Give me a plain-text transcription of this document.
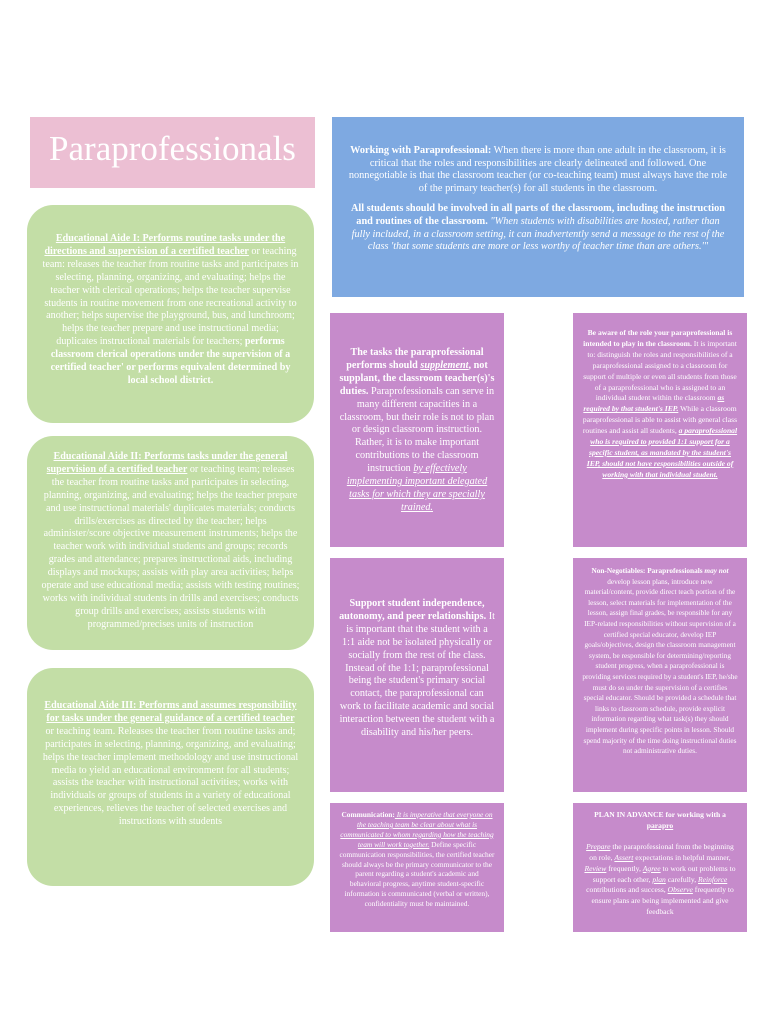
Paraprofessionals	Working with Paraprofessional: When there is more than one adult in the classroom, it is critical that the roles and responsibilities are clearly delineated and followed. One nonnegotiable is that the classroom teacher (or co-teaching team) must always have the role of the primary teacher(s) for all students in the classroom.

All students should be involved in all parts of the classroom, including the instruction and routines of the classroom. "When students with disabilities are hosted, rather than fully included, in a classroom setting, it can inadvertently send a message to the rest of the class 'that some students are more or less worthy of teacher time than are others.'"

Educational Aide I: Performs routine tasks under the directions and supervision of a certified teacher or teaching team: releases the teacher from routine tasks and participates in selecting, planning, organizing, and evaluating; helps the teacher with clerical operations; helps the teacher supervise students in routine movement from one recreational activity to another; helps supervise the playground, bus, and lunchroom; helps the teacher prepare and use instructional media; duplicates instructional materials for teachers; performs classroom clerical operations under the supervision of a certified teacher' or performs equivalent determined by local school district.
Educational Aide II: Performs tasks under the general supervision of a certified teacher or teaching team; releases the teacher from routine tasks and participates in selecting, planning, organizing, and evaluating; helps the teacher prepare and use instructional materials' duplicates materials; conducts drills/exercises as directed by the teacher; helps administer/score objective measurement instruments; helps the teacher work with individual students and groups; records grades and attendance; prepares instructional aids, including displays and mockups; assists with play area activities; helps operate and use educational media; assists with testing routines; works with individual students in drills and exercises; conducts group drills and exercises; assists students with programmed/precises units of instruction
Educational Aide III: Performs and assumes responsibility for tasks under the general guidance of a certified teacher or teaching team. Releases the teacher from routine tasks and; participates in selecting, planning, organizing, and evaluating; helps the teacher implement methodology and use instructional media to yield an educational environment for all students; assists the teacher with instructional activities; works with individuals or groups of students in a variety of educational experiences, relieves the teacher of selected exercises and instructions with students
The tasks the paraprofessional performs should supplement, not supplant, the classroom teacher(s)'s duties. Paraprofessionals can serve in many different capacities in a classroom, but their role is not to plan or design classroom instruction. Rather, it is to make important contributions to the classroom instruction by effectively implementing important delegated tasks for which they are specially trained.
Support student independence, autonomy, and peer relationships. It is important that the student with a 1:1 aide not be isolated physically or socially from the rest of the class. Instead of the 1:1; paraprofessional being the student's primary social contact, the paraprofessional can work to facilitate academic and social interaction between the student with a disability and his/her peers.
Communication: It is imperative that everyone on the teaching team be clear about what is communicated to whom regarding how the teaching team will work together. Define specific communication responsibilities, the certified teacher should always be the primary communicator to the parent regarding a student's academic and behavioral progress, anytime student-specific information is communicated (verbal or written), confidentiality must be maintained.
Be aware of the role your paraprofessional is intended to play in the classroom. It is important to: distinguish the roles and responsibilities of a paraprofessional assigned to a classroom for support of multiple or even all students from those of a paraprofessional who is assigned to an individual student within the classroom as required by that student's IEP. While a classroom paraprofessional is able to assist with general class routines and assist all students, a paraprofessional who is required to provided 1:1 support for a specific student, as mandated by the student's IEP, should not have responsibilities outside of working with that individual student.
Non-Negotiables: Paraprofessionals may not develop lesson plans, introduce new material/content, provide direct teach portion of the lesson, select materials for implementation of the lesson, assign final grades, be responsible for any IEP-related responsibilities without supervision of a certified special educator, develop IEP goals/objectives, design the classroom management system, be responsible for determining/reporting student progress, when a paraprofessional is providing services required by a student's IEP, he/she must do so under the supervision of a certifies special educator. Should be provided a schedule that links to classroom schedule, provide explicit information regarding what task(s) they should implement during specific points in lesson. Should spend majority of the time doing instructional duties not administrative duties.
PLAN IN ADVANCE for working with a parapro
Prepare the paraprofessional from the beginning on role, Assert expectations in helpful manner, Review frequently, Agree to work out problems to support each other, plan carefully, Reinforce contributions and success, Observe frequently to ensure plans are being implemented and give feedback
